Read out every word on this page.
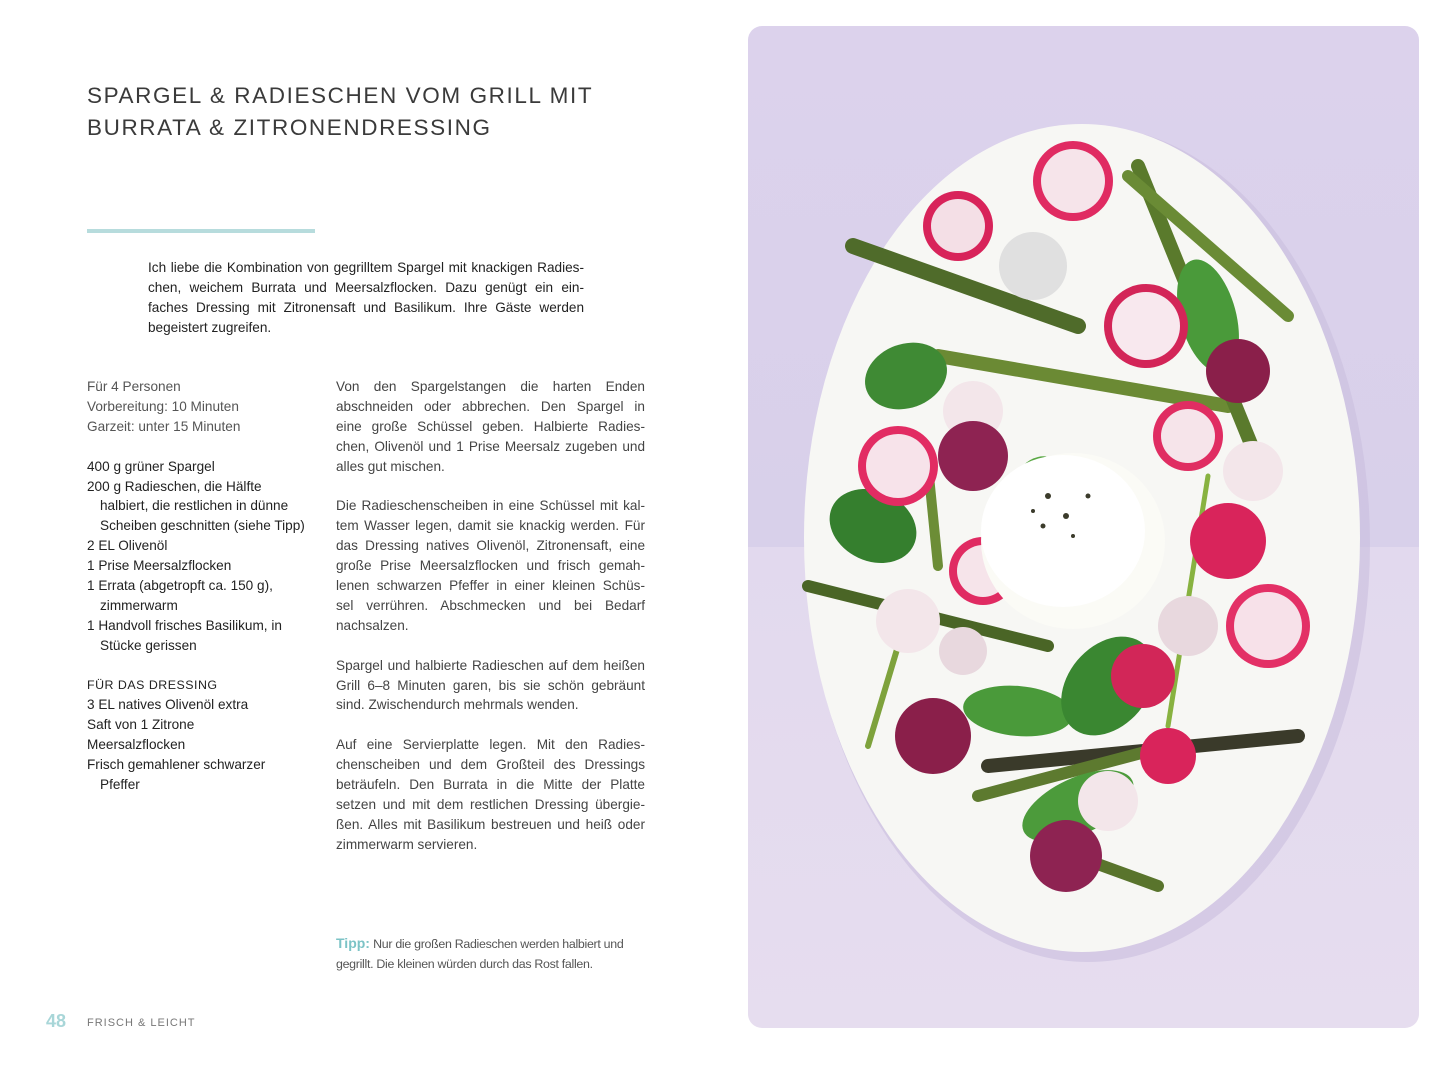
SPARGEL & RADIESCHEN VOM GRILL MIT
BURRATA & ZITRONENDRESSING
Ich liebe die Kombination von gegrilltem Spargel mit knackigen Radies-
chen, weichem Burrata und Meersalzflocken. Dazu genügt ein ein-
faches Dressing mit Zitronensaft und Basilikum. Ihre Gäste werden
begeistert zugreifen.
Für 4 Personen
Vorbereitung: 10 Minuten
Garzeit: unter 15 Minuten
400 g grüner Spargel
200 g Radieschen, die Hälfte
halbiert, die restlichen in dünne
Scheiben geschnitten (siehe Tipp)
2 EL Olivenöl
1 Prise Meersalzflocken
1 Errata (abgetropft ca. 150 g),
zimmerwarm
1 Handvoll frisches Basilikum, in
Stücke gerissen
FÜR DAS DRESSING
3 EL natives Olivenöl extra
Saft von 1 Zitrone
Meersalzflocken
Frisch gemahlener schwarzer
Pfeffer
Von den Spargelstangen die harten Enden
abschneiden oder abbrechen. Den Spargel in
eine große Schüssel geben. Halbierte Radies-
chen, Olivenöl und 1 Prise Meersalz zugeben und
alles gut mischen.
Die Radieschenscheiben in eine Schüssel mit kal-
tem Wasser legen, damit sie knackig werden. Für
das Dressing natives Olivenöl, Zitronensaft, eine
große Prise Meersalzflocken und frisch gemah-
lenen schwarzen Pfeffer in einer kleinen Schüs-
sel verrühren. Abschmecken und bei Bedarf
nachsalzen.
Spargel und halbierte Radieschen auf dem heißen
Grill 6–8 Minuten garen, bis sie schön gebräunt
sind. Zwischendurch mehrmals wenden.
Auf eine Servierplatte legen. Mit den Radies-
chenscheiben und dem Großteil des Dressings
beträufeln. Den Burrata in die Mitte der Platte
setzen und mit dem restlichen Dressing übergie-
ßen. Alles mit Basilikum bestreuen und heiß oder
zimmerwarm servieren.
Tipp: Nur die großen Radieschen werden halbiert und
gegrillt. Die kleinen würden durch das Rost fallen.
48 FRISCH & LEICHT
